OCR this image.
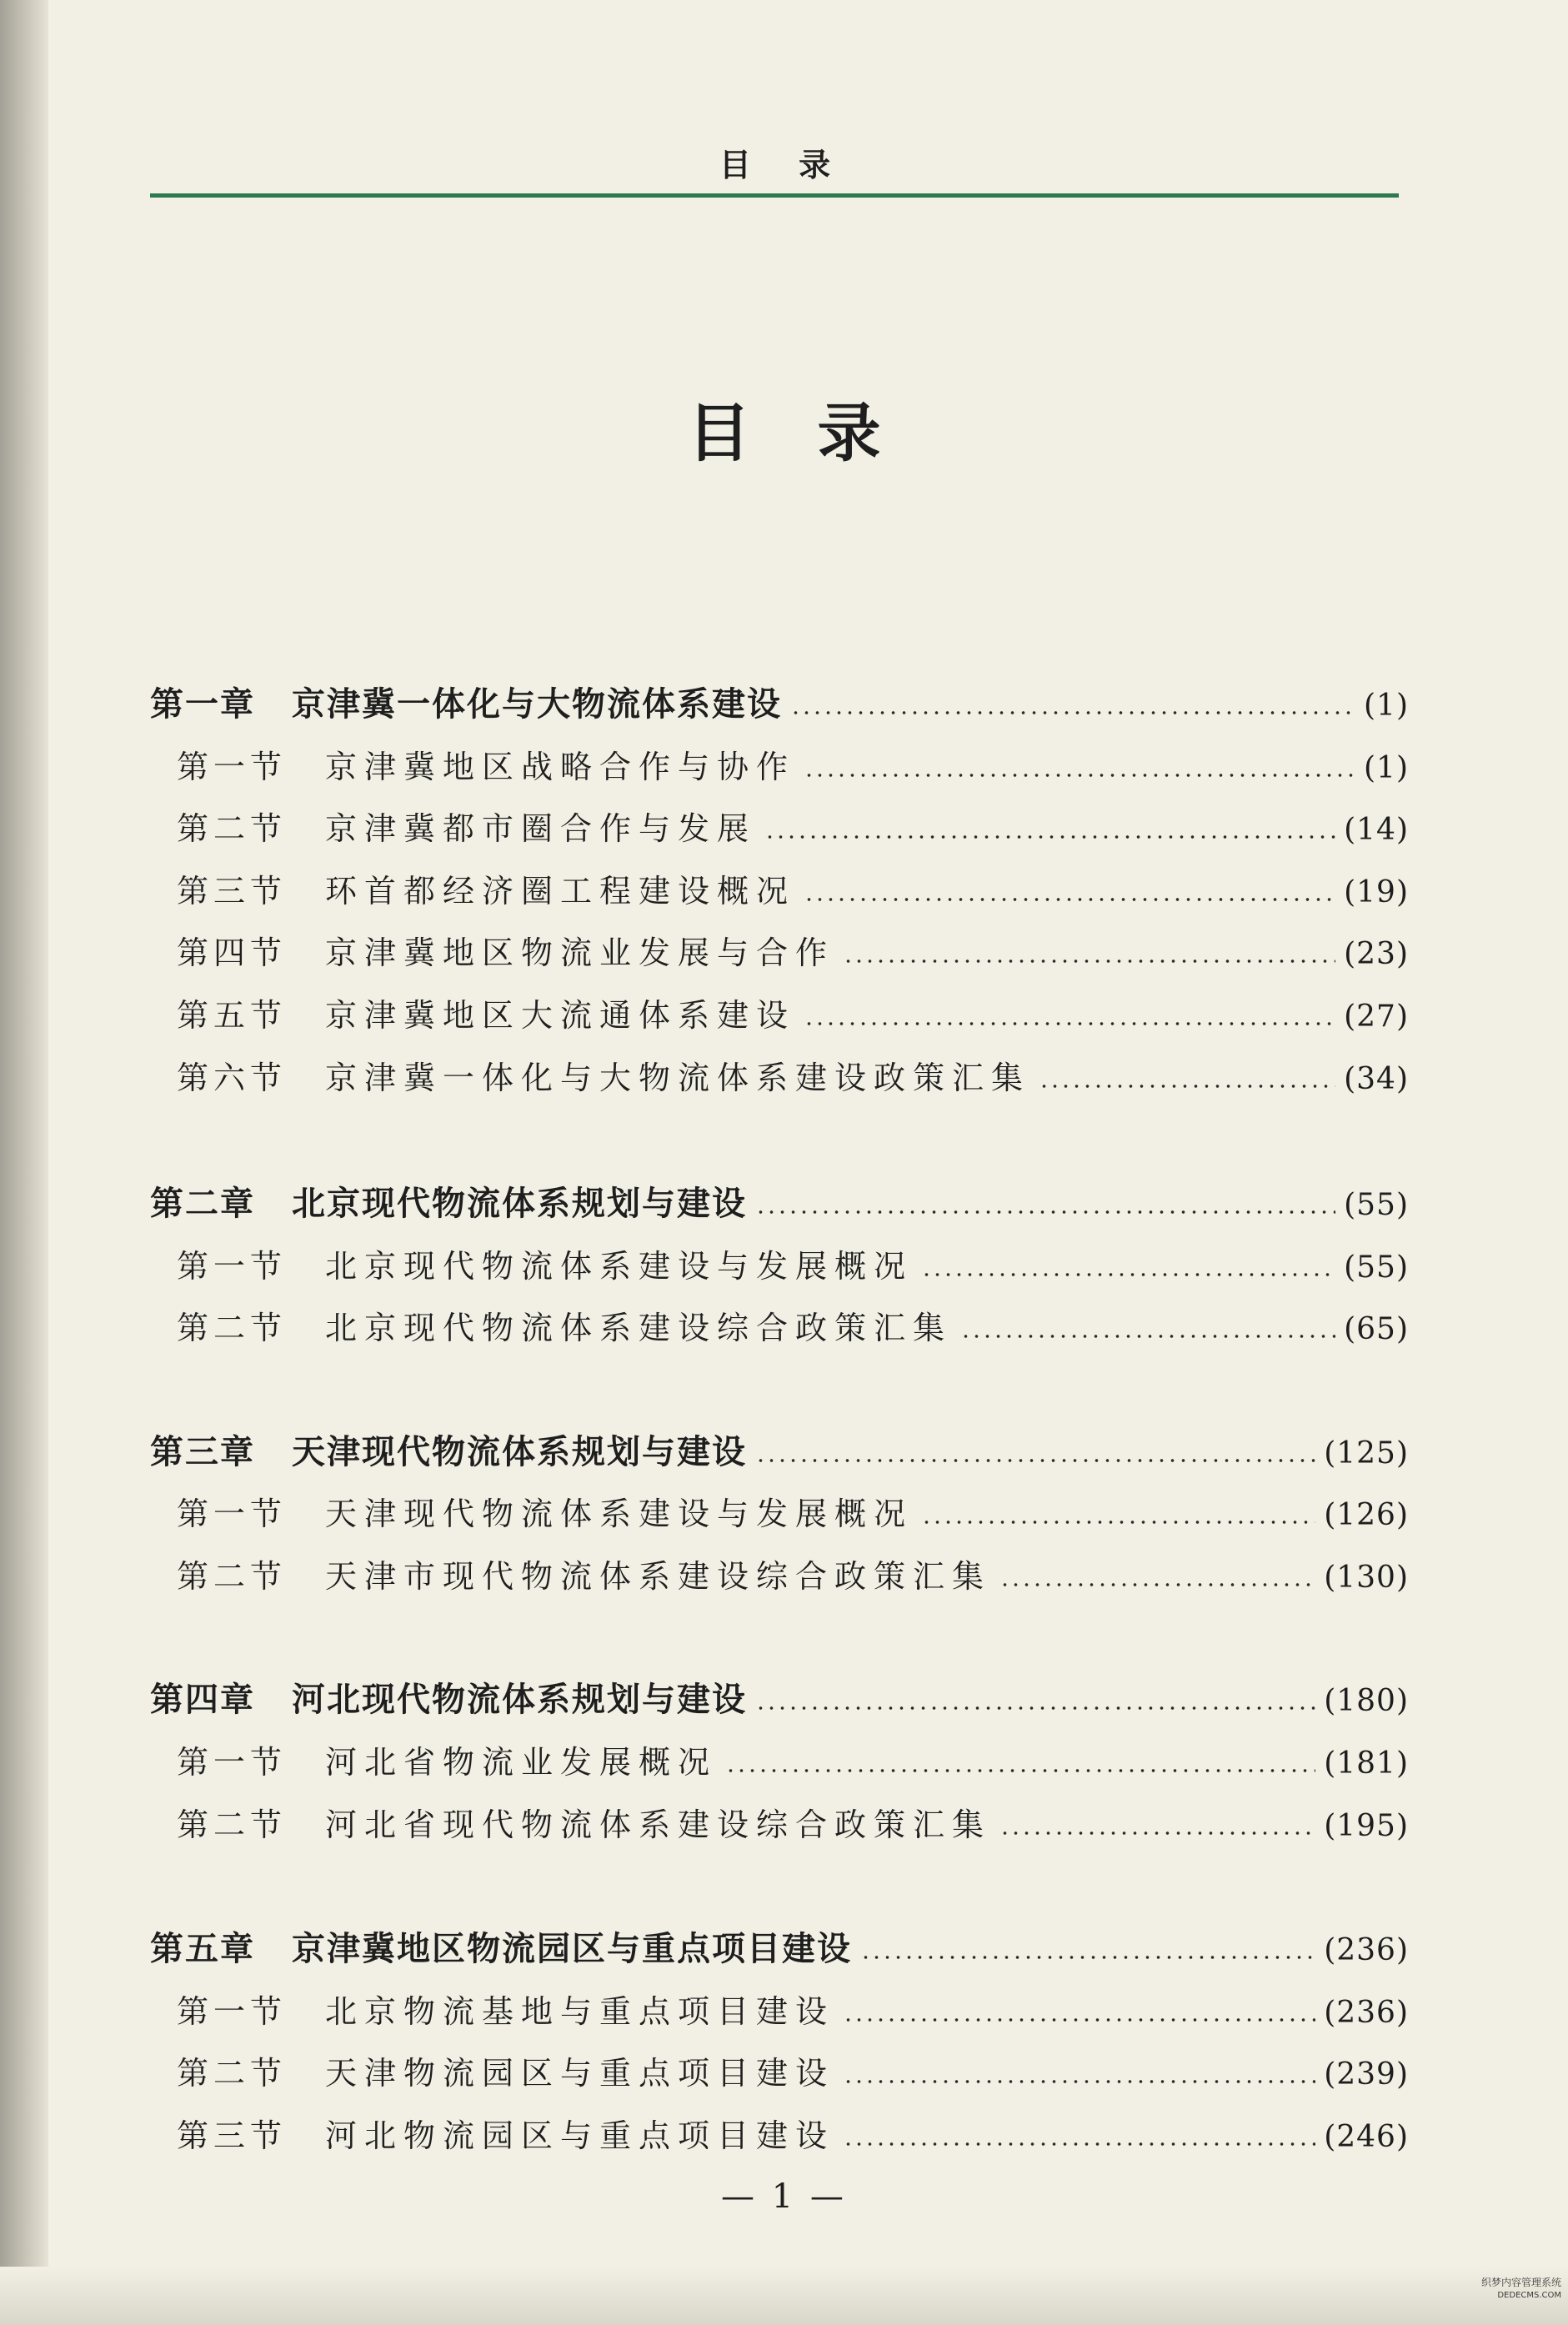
目 录
目录
第一章	京津冀一体化与大物流体系建设	(1)
第一节	京津冀地区战略合作与协作	(1)
第二节	京津冀都市圈合作与发展	(14)
第三节	环首都经济圈工程建设概况	(19)
第四节	京津冀地区物流业发展与合作	(23)
第五节	京津冀地区大流通体系建设	(27)
第六节	京津冀一体化与大物流体系建设政策汇集	(34)
第二章	北京现代物流体系规划与建设	(55)
第一节	北京现代物流体系建设与发展概况	(55)
第二节	北京现代物流体系建设综合政策汇集	(65)
第三章	天津现代物流体系规划与建设	(125)
第一节	天津现代物流体系建设与发展概况	(126)
第二节	天津市现代物流体系建设综合政策汇集	(130)
第四章	河北现代物流体系规划与建设	(180)
第一节	河北省物流业发展概况	(181)
第二节	河北省现代物流体系建设综合政策汇集	(195)
第五章	京津冀地区物流园区与重点项目建设	(236)
第一节	北京物流基地与重点项目建设	(236)
第二节	天津物流园区与重点项目建设	(239)
第三节	河北物流园区与重点项目建设	(246)
— 1 —
织梦内容管理系统
DEDECMS.COM
